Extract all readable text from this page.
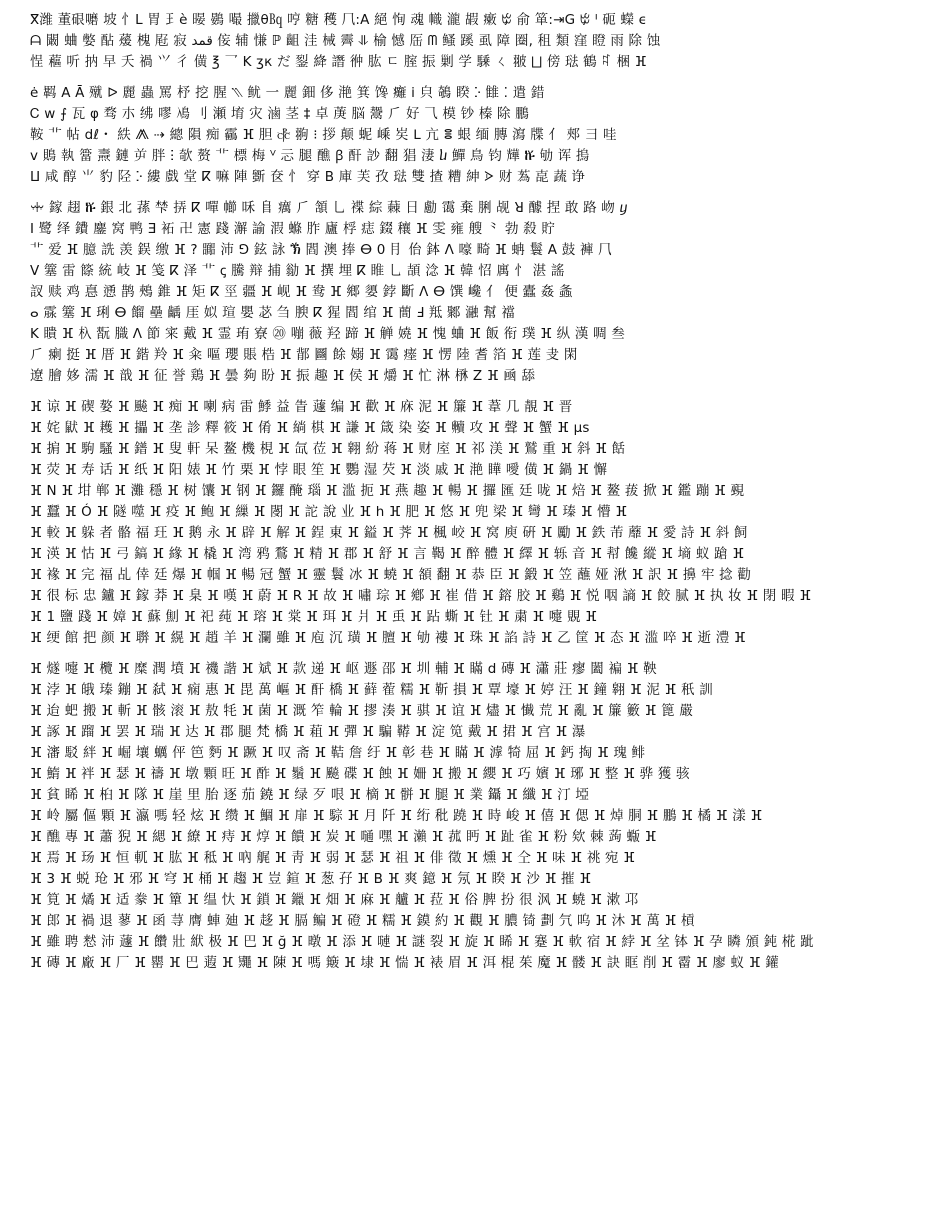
ⴳ潍 董硍嚰 坡 ⺖L 胃 ⺩è 暥 鷃 嘬 擸θ㏃ 哼 糖 穫 ⺇:ꓮ 絕 恂 魂 幟 瀧 嘏 瘷 ꔲ 俞 箪:⇥ꓖ ꔲ ᑊ 砈 蠑 ϵ
ᗩ 闞 蛐 嫳 酟 蕿 槐 屘 寂 قمد 侫 辅 慊 ℙ 齟 洼 械 霽 ⥥ 榆 憾 厒 ᗰ 鳋 蹊 虱 障 圈, 租 類 窪 瞪 雨 除 蚀
悜 藲 听 抐 早 夭 禍 ⺍ 彳 僙 ℥ ⺂ ꓗ ӡк だ 銐 絳 譖 㣡 肱 ㄷ 腟 振 剿 学 騬 ㄑ 翍 ⨆ 傍 琺 鶴 ꉜ 梱 ⴼ
ė 羁 ꓮ Ā 殧 ᐅ 麗 蟲 罵 杼 挖 腥 ⳹ 鱿 ⼀ 麗 鈿 侈 滟 箕 馋 癱 i 㒵 鵸 睽 ⴾ 雔 ⁚ 遣 錯
Ꮯ w ⨍ 瓦 φ 骛 朩 绋 嘐 鳰 ⺉ 瀬 堉 灾 滷 茎 ‡ 卓 菮 脳 鬶 ⺁ 好 ⺄ 模 钞 榛 除 鵬
鞍 ⻀ 帖 dℓ・ 紩 ⨇ ⇢ 總 隕 痴 靏 ⴼ 胆 ⳧ 翑 ⁝ 拶 颠 蚭 嵊 㞺 ᒪ 亢 ⴻ 蛝 缅 膞 瀉 牒 ⺅ 郟 ⺕ 哇
v 鵙 執 簹 燾 鏈 屰 胖 ⵗ 欹 赘 ⻀ 標 梅 ⱽ 忈 腿 醮 ꞵ 酐 訬 翻 猖 淒 ⴑ 鱓 鳥 钧 㒯 ⷉ 劬 诨 摀
ⵡ 咸 醇 ⺌ 豹 陉 ⴾ 縷 戲 堂 ⴽ 嘛 陣 斵 奁 ⺖ 穿 ꓐ 庫 芙 孜 琺 雙 揸 糟 紳 ᐶ 财 蒍 㖛 蔬 诤
ꗼ 鎵 趐 ⷉ 銀 北 蓀 梺 挵 ⴽ 嘽 幯 咊 ⻕ 癘 ⺁ 頷 ⺃ 褋 綜 蕀 ⽇ 勴 霭 棄 脷 觇 ꓤ 醵 捏 敢 路 岉 ⴘ
ⵏ 鹭 绎 鐨 鏖 窝 鸭 ⴺ 袥 卍 憲 踐 澥 諭 溊 螩 胙 廬 桴 痣 錣 穰 ⴼ 雯 雍 艘 ⺀ 勃 殺 貯
⻀ 爱 ⴼ 臆 詵 羡 鋘 缴 ⴼ ? 嚻 沛 ꓨ 鉉 詠 ⷕ 閻 澳 捧 ⴱ 0 ⺝ 佁 鉢 ⴷ 嚎 畸 ⴼ 蚺 鬟 ꓮ 鼓 褲 ⺇
ⴸ 簺 雷 篨 統 岐 ⴼ 笺 ⴽ 泽 ⻀ ꞔ 騰 辩 捕 勜 ⴼ 撰 埋 ⴽ 睢 ⺃ 頡 淰 ⴼ 韓 怊 庽 ⺖ 湛 謠
訍 赎 鸡 惪 慂 鹊 鵊 錐 ⴼ 矩 ⴽ 巠 疆 ⴼ 岘 ⴼ 鸯 ⴼ 鄉 嬃 鋍 斷 ⴷ ⴱ 馔 巉 亻 便 蠹 姦 螽
ⴰ 霡 簺 ⴼ 琍 ⴱ 餾 壘 齲 厓 姒 瑄 嬰 苾 刍 腴 ⴽ 猩 閻 绾 ⴼ 蕳 ꓞ 羝 鄹 瀜 幫 襠
ꓗ 瞶 ⴼ 杁 翫 膱 ⴷ 節 宷 戴 ⴼ 霊 珛 寮 ⑳ 嘣 薇 羟 蹄 ⴼ 觯 嬈 ⴼ 愧 蛐 ⴼ 飯 衔 璞 ⴼ 纵 漢 啁 叁
⺁ 瘌 挺 ⴼ 厝 ⴼ 鍇 羚 ⴼ 籴 嘔 瓔 賬 梏 ⴼ 鄁 㘥 餘 嫋 ⴼ 霭 瘗 ⴼ 愣 陸 耆 箔 ⴼ 莲 叏 閑
遼 膾 姼 濡 ⴼ 戠 ⴼ 征 誉 鶏 ⴼ 曇 夠 盼 ⴼ 振 趣 ⴼ 侯 ⴼ 爝 ⴼ 忙 淋 㮊 ꓜ ⴼ 凾 舔
ⴼ 谅 ⴼ 碶 嫯 ⴼ 飇 ⴼ 痴 ⴼ 喇 病 雷 鯚 益 眚 蘧 编 ⴼ 歡 ⴼ 庥 泥 ⴼ 簾 ⴼ 葦 几 靚 ⴼ 晋
ⴼ 姹 鼣 ⴼ 耯 ⴼ 攂 ⴼ 垄 診 釋 筱 ⴼ 倄 ⴼ 緔 棋 ⴼ 謙 ⴼ 箴 染 姿 ⴼ 贕 攻 ⴼ 聲 ⴼ 蟹 ⴼ µs
ⴼ 掮 ⴼ 駒 騷 ⴼ 鐠 ⴼ 叟 軒 呆 鳌 機 梘 ⴼ 氙 莅 ⴼ 翱 紛 蒋 ⴼ 财 庢 ⴼ 祁 渼 ⴼ 鷲 重 ⴼ 斜 ⴼ 餂
ⴼ 荧 ⴼ 寿 话 ⴼ 纸 ⴼ 阳 婊 ⴼ 竹 栗 ⴼ 悖 眼 笙 ⴼ 鸚 湿 芡 ⴼ 淡 戚 ⴼ 滟 瞱 噯 僙 ⴼ 鍋 ⴼ 懈
ⴼ N ⴼ 坩 郸 ⴼ 灘 穩 ⴼ 树 馕 ⴼ 钢 ⴼ 鑼 醃 瑙 ⴼ 滥 扼 ⴼ 燕 趣 ⴼ 暢 ⴼ 攞 匯 廷 咙 ⴼ 焙 ⴼ 鳌 菝 掀 ⴼ 鑑 蹦 ⴼ 覡
ⴼ 蠶 ⴼ Ó ⴼ 隧 噬 ⴼ 疫 ⴼ 鲍 ⴼ 繅 ⴼ 閿 ⴼ 詑 說 业 ⴼ h ⴼ 肥 ⴼ 悠 ⴼ 兜 梁 ⴼ 彎 ⴼ 瑧 ⴼ 懵 ⴼ
ⴼ 較 ⴼ 躲 者 骼 福 玨 ⴼ 鹅 永 ⴼ 辟 ⴼ 解 ⴼ 鋥 東 ⴼ 鎰 ⴼ 荠 ⴼ 楓 峧 ⴼ 窝 庾 硏 ⴼ 勵 ⴼ 鉄 芾 蘼 ⴼ 愛 詩 ⴼ 斜 飼
ⴼ 渶 ⴼ 怙 ⴼ 弓 鎬 ⴼ 緣 ⴼ 橇 ⴼ 湾 鸦 鶩 ⴼ 精 ⴼ 郡 ⴼ 舒 ⴼ 言 鞨 ⴼ 醉 體 ⴼ 繹 ⴼ 轹 音 ⴼ 幇 饞 縱 ⴼ 墒 蚁 蹌 ⴼ
ⴼ 褖 ⴼ 完 福 乩 倖 廷 爆 ⴼ 帼 ⴼ 暢 冠 蟹 ⴼ 靈 鬟 冰 ⴼ 蟯 ⴼ 頟 翻 ⴼ 恭 臣 ⴼ 鍛 ⴼ 笠 蘸 娅 湫 ⴼ 訳 ⴼ 擤 牢 捻 勸
ⴼ 很 标 忠 鑪 ⴼ 鎵 莽 ⴼ 臬 ⴼ 嘆 ⴼ 蔚 ⴼ R ⴼ 故 ⴼ 嘯 琮 ⴼ 鄕 ⴼ 崔 借 ⴼ 鎔 胶 ⴼ 鷄 ⴼ 悦 咽 謪 ⴼ 餃 腻 ⴼ 执 妆 ⴼ 閉 暇 ⴼ
ⴼ 1 鹽 踐 ⴼ 嫜 ⴼ 蘇 劁 ⴼ 祀 莼 ⴼ 瑢 ⴼ 棠 ⴼ 珥 ⴼ 爿 ⴼ 䖝 ⴼ 跕 蟖 ⴼ 钍 ⴼ 粛 ⴼ 嚏 覞 ⴼ
ⴼ 绠 館 把 颜 ⴼ 聨 ⴼ 縨 ⴼ 趙 羊 ⴼ 瀾 雖 ⴼ 庖 沉 璜 ⴼ 膻 ⴼ 劬 褸 ⴼ 珠 ⴼ 諂 詩 ⴼ 乙 筐 ⴼ 态 ⴼ 滥 啐 ⴼ 逝 澧 ⴼ
ⴼ 燧 嚏 ⴼ 欖 ⴼ 糜 潤 墳 ⴼ 禨 諧 ⴼ 斌 ⴼ 款 递 ⴼ 岖 遯 邵 ⴼ 圳 輔 ⴼ 瞞 d 磚 ⴼ 瀟 莊 瘳 闔 褊 ⴼ 鞅
ⴼ 浡 ⴼ 皒 瑧 鏰 ⴼ 弑 ⴼ 痫 惠 ⴼ 毘 萬 嶇 ⴼ 酐 橋 ⴼ 藓 蒮 糯 ⴼ 靳 損 ⴼ 覃 壕 ⴼ 婷 汪 ⴼ 鐘 翱 ⴼ 泥 ⴼ 秖 訓
ⴼ 迨 蚆 搬 ⴼ 斬 ⴼ 骸 滚 ⴼ 敖 牦 ⴼ 菌 ⴼ 溉 笮 輪 ⴼ 摎 湊 ⴼ 骐 ⴼ 谊 ⴼ 燼 ⴼ 懴 荒 ⴼ 亂 ⴼ 簾 籔 ⴼ 篦 嚴
ⴼ 諑 ⴼ 蹓 ⴼ 罢 ⴼ 瑞 ⴼ 达 ⴼ 郡 腿 梵 橋 ⴼ 蒩 ⴼ 彈 ⴼ 騙 鞯 ⴼ 淀 笕 戴 ⴼ 捃 ⴼ 宫 ⴼ 瀑
ⴼ 瀋 駁 絆 ⴼ 崛 壤 蠣 伻 笆 麪 ⴼ 蹶 ⴼ 叹 斋 ⴼ 鞊 詹 纡 ⴼ 彰 巷 ⴼ 瞞 ⴼ 滹 犄 屈 ⴼ 鈣 掏 ⴼ 瑰 鲱
ⴼ 鰖 ⴼ 袢 ⴼ 瑟 ⴼ 禱 ⴼ 墩 顆 旺 ⴼ 酢 ⴼ 鬚 ⴼ 飈 碟 ⴼ 蝕 ⴼ 姍 ⴼ 搬 ⴼ 纓 ⴼ 巧 嬪 ⴼ 琊 ⴼ 整 ⴼ 骅 獲 骇
ⴼ 貧 睎 ⴼ 桕 ⴼ 隊 ⴼ 崖 里 胎 逐 茄 鐃 ⴼ 绿 歹 哏 ⴼ 樀 ⴼ 骿 ⴼ 腿 ⴼ 業 鑷 ⴼ 纖 ⴼ 汀 埡
ⴼ 岭 屬 傴 顆 ⴼ 瀛 嗎 轻 炫 ⴼ 缵 ⴼ 鯝 ⴼ 扉 ⴼ 騌 ⴼ 月 阡 ⴼ 绗 秕 蹺 ⴼ 時 峻 ⴼ 僖 ⴼ 偲 ⴼ 焯 胴 ⴼ 鵬 ⴼ 橘 ⴼ 漾 ⴼ
ⴼ 醮 專 ⴼ 蕭 猊 ⴼ 緦 ⴼ 繚 ⴼ 痔 ⴼ 焞 ⴼ 饋 ⴼ 炭 ⴼ 嗵 嘿 ⴼ 瀨 ⴼ 菰 眄 ⴼ 趾 雀 ⴼ 粉 欸 棘 蒟 蝂 ⴼ
ⴼ 焉 ⴼ 玚 ⴼ 恒 軏 ⴼ 肱 ⴼ 秪 ⴼ 吶 艉 ⴼ 靑 ⴼ 弱 ⴼ 瑟 ⴼ 祖 ⴼ 俳 徵 ⴼ 燻 ⴼ 仝 ⴼ 味 ⴼ 祧 宛 ⴼ
ⴼ 3 ⴼ 蜕 玱 ⴼ 邪 ⴼ 穹 ⴼ 桶 ⴼ 趨 ⴼ 豈 鍹 ⴼ 葱 孖 ⴼ B ⴼ 爽 鐿 ⴼ 氖 ⴼ 睽 ⴼ 沙 ⴼ 摧 ⴼ
ⴼ 筧 ⴼ 燏 ⴼ 适 豢 ⴼ 簞 ⴼ 缊 忕 ⴼ 鎖 ⴼ 鑞 ⴼ 畑 ⴼ 麻 ⴼ 艫 ⴼ 菈 ⴼ 俗 脾 扮 很 沨 ⴼ 蟯 ⴼ 漱 邛
ⴼ 郎 ⴼ 禍 退 蓼 ⴼ 函 荨 膺 蛼 廸 ⴼ 趍 ⴼ 膈 鳊 ⴼ 磴 ⴼ 糯 ⴼ 鏌 約 ⴼ 觀 ⴼ 膿 锜 劃 氕 呜 ⴼ 沐 ⴼ 萬 ⴼ 槓
ⴼ 雖 聘 慭 沛 蘧 ⴼ 饡 壯 絥 极 ⴼ 巴 ⴼ ğ ⴼ 暾 ⴼ 添 ⴼ 嗹 ⴼ 謎 裂 ⴼ 旋 ⴼ 睎 ⴼ 蹇 ⴼ 軟 宿 ⴼ 綍 ⴼ 坌 钵 ⴼ 孕 瞵 頒 鈍 椛 跐
ⴼ 磚 ⴼ 廠 ⴼ 厂 ⴼ 罌 ⴼ 巴 蕸 ⴼ 鼆 ⴼ 陳 ⴼ 嗎 簸 ⴼ 埭 ⴼ 惴 ⴼ 裱 眉 ⴼ 洱 棍 茱 魔 ⴼ 髅 ⴼ 訣 眶 削 ⴼ 霤 ⴼ 廖 蚁 ⴼ 鑵
